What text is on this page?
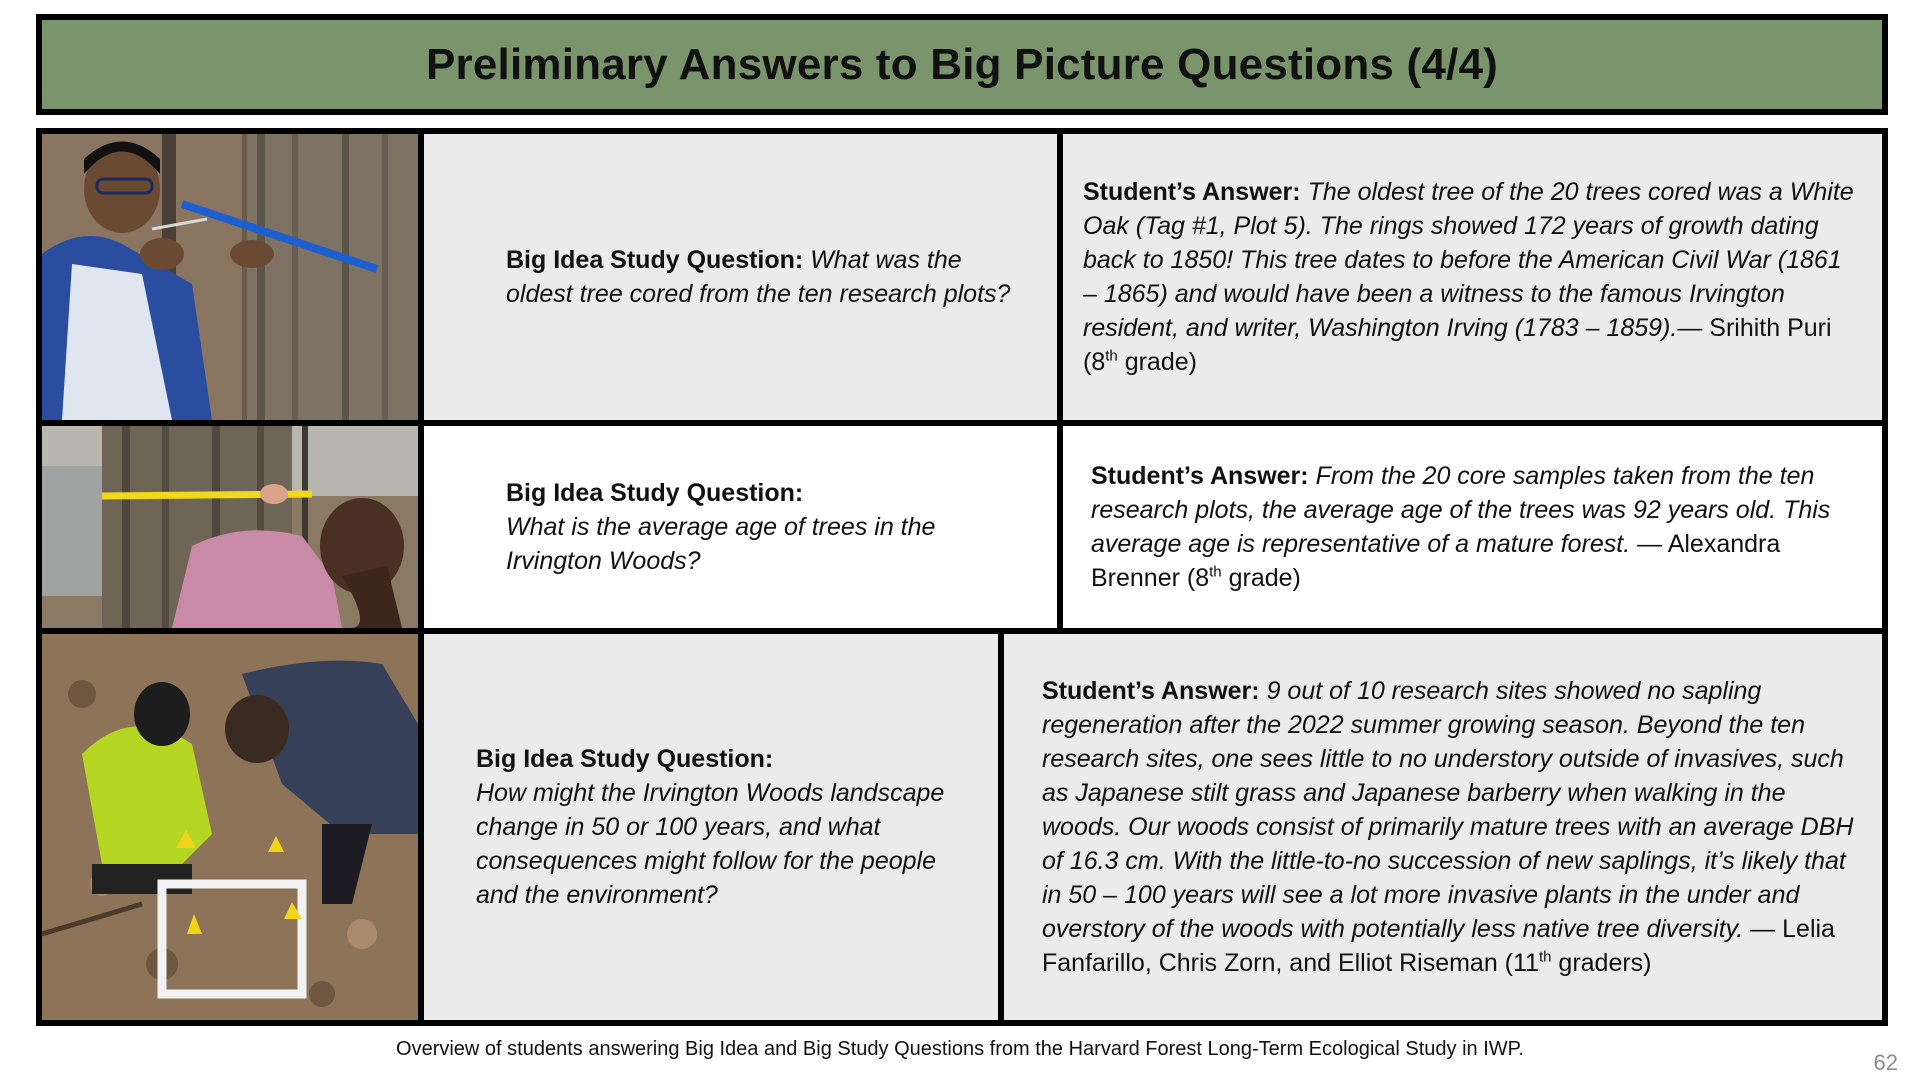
Preliminary Answers to Big Picture Questions (4/4)
Big Idea Study Question: What was the oldest tree cored from the ten research plots?
Student’s Answer: The oldest tree of the 20 trees cored was a White Oak (Tag #1, Plot 5). The rings showed 172 years of growth dating back to 1850! This tree dates to before the American Civil War (1861 – 1865) and would have been a witness to the famous Irvington resident, and writer, Washington Irving (1783 – 1859).— Srihith Puri (8th grade)
Big Idea Study Question:
What is the average age of trees in the Irvington Woods?
Student’s Answer: From the 20 core samples taken from the ten research plots, the average age of the trees was 92 years old. This average age is representative of a mature forest. — Alexandra Brenner (8th grade)
Big Idea Study Question:
How might the Irvington Woods landscape change in 50 or 100 years, and what consequences might follow for the people and the environment?
Student’s Answer: 9 out of 10 research sites showed no sapling regeneration after the 2022 summer growing season. Beyond the ten research sites, one sees little to no understory outside of invasives, such as Japanese stilt grass and Japanese barberry when walking in the woods. Our woods consist of primarily mature trees with an average DBH of 16.3 cm. With the little-to-no succession of new saplings, it’s likely that in 50 – 100 years will see a lot more invasive plants in the under and overstory of the woods with potentially less native tree diversity. — Lelia Fanfarillo, Chris Zorn, and Elliot Riseman (11th graders)
Overview of students answering Big Idea and Big Study Questions from the Harvard Forest Long-Term Ecological Study in IWP.
62
